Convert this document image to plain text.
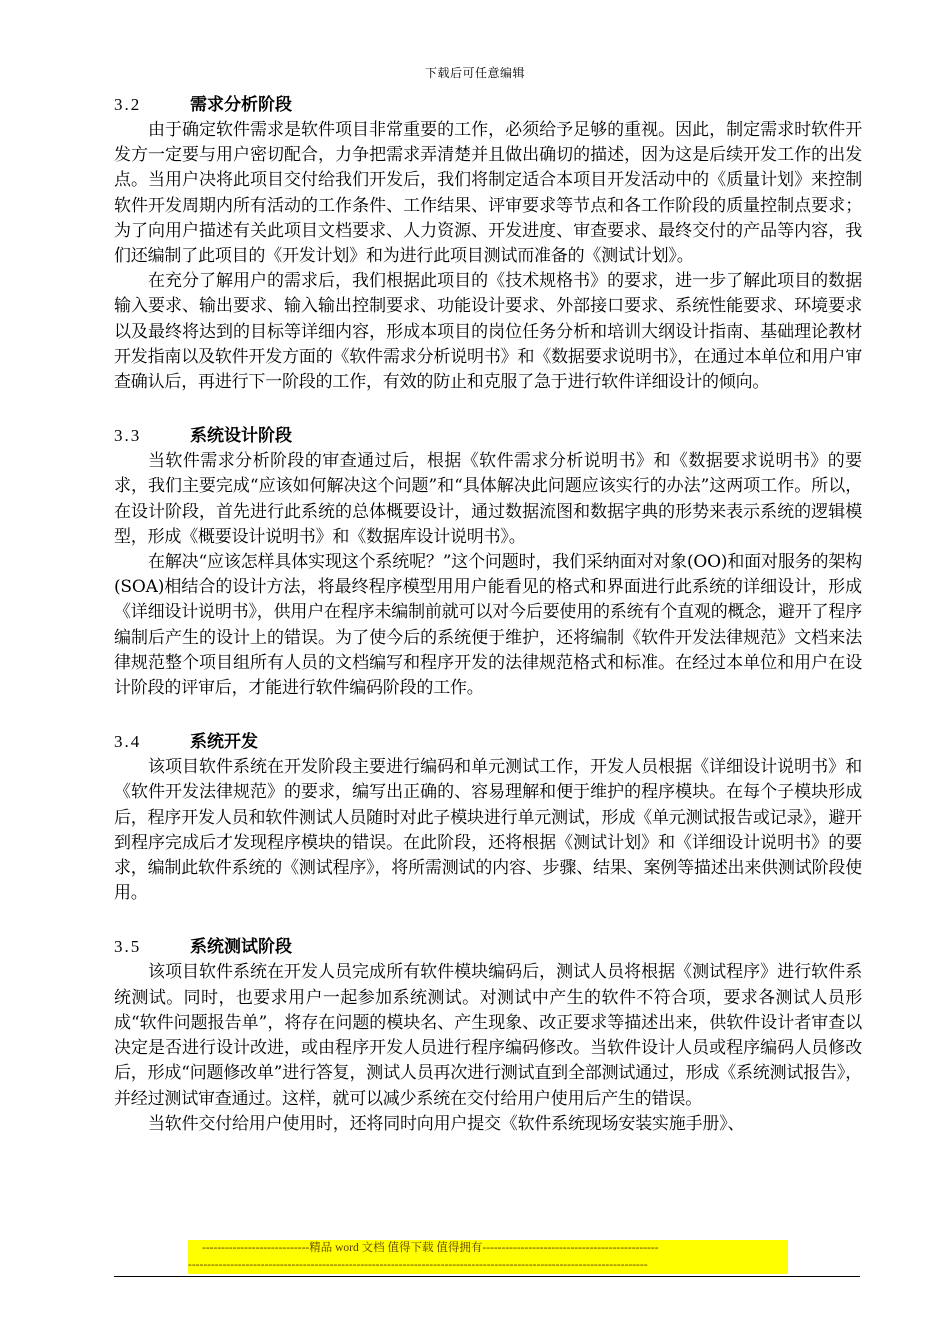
下载后可任意编辑
3.2	需求分析阶段

由于确定软件需求是软件项目非常重要的工作，必须给予足够的重视。因此，制定需求时软件开发方一定要与用户密切配合，力争把需求弄清楚并且做出确切的描述，因为这是后续开发工作的出发点。当用户决将此项目交付给我们开发后，我们将制定适合本项目开发活动中的《质量计划》来控制软件开发周期内所有活动的工作条件、工作结果、评审要求等节点和各工作阶段的质量控制点要求；为了向用户描述有关此项目文档要求、人力资源、开发进度、审查要求、最终交付的产品等内容，我们还编制了此项目的《开发计划》和为进行此项目测试而准备的《测试计划》。

在充分了解用户的需求后，我们根据此项目的《技术规格书》的要求，进一步了解此项目的数据输入要求、输出要求、输入输出控制要求、功能设计要求、外部接口要求、系统性能要求、环境要求以及最终将达到的目标等详细内容，形成本项目的岗位任务分析和培训大纲设计指南、基础理论教材开发指南以及软件开发方面的《软件需求分析说明书》和《数据要求说明书》，在通过本单位和用户审查确认后，再进行下一阶段的工作，有效的防止和克服了急于进行软件详细设计的倾向。

3.3	系统设计阶段

当软件需求分析阶段的审查通过后，根据《软件需求分析说明书》和《数据要求说明书》的要求，我们主要完成“应该如何解决这个问题”和“具体解决此问题应该实行的办法”这两项工作。所以，在设计阶段，首先进行此系统的总体概要设计，通过数据流图和数据字典的形势来表示系统的逻辑模型，形成《概要设计说明书》和《数据库设计说明书》。

在解决“应该怎样具体实现这个系统呢？”这个问题时，我们采纳面对对象(OO)和面对服务的架构(SOA)相结合的设计方法，将最终程序模型用用户能看见的格式和界面进行此系统的详细设计，形成《详细设计说明书》，供用户在程序未编制前就可以对今后要使用的系统有个直观的概念，避开了程序编制后产生的设计上的错误。为了使今后的系统便于维护，还将编制《软件开发法律规范》文档来法律规范整个项目组所有人员的文档编写和程序开发的法律规范格式和标准。在经过本单位和用户在设计阶段的评审后，才能进行软件编码阶段的工作。

3.4	系统开发

该项目软件系统在开发阶段主要进行编码和单元测试工作，开发人员根据《详细设计说明书》和《软件开发法律规范》的要求，编写出正确的、容易理解和便于维护的程序模块。在每个子模块形成后，程序开发人员和软件测试人员随时对此子模块进行单元测试，形成《单元测试报告或记录》，避开到程序完成后才发现程序模块的错误。在此阶段，还将根据《测试计划》和《详细设计说明书》的要求，编制此软件系统的《测试程序》，将所需测试的内容、步骤、结果、案例等描述出来供测试阶段使用。

3.5	系统测试阶段

该项目软件系统在开发人员完成所有软件模块编码后，测试人员将根据《测试程序》进行软件系统测试。同时，也要求用户一起参加系统测试。对测试中产生的软件不符合项，要求各测试人员形成“软件问题报告单”，将存在问题的模块名、产生现象、改正要求等描述出来，供软件设计者审查以决定是否进行设计改进，或由程序开发人员进行程序编码修改。当软件设计人员或程序编码人员修改后，形成“问题修改单”进行答复，测试人员再次进行测试直到全部测试通过，形成《系统测试报告》，并经过测试审查通过。这样，就可以减少系统在交付给用户使用后产生的错误。

当软件交付给用户使用时，还将同时向用户提交《软件系统现场安装实施手册》、

----------------------------精品 word 文档 值得下载 值得拥有----------------------------------------------
------------------------------------------------------------------------------------------------------------------------
